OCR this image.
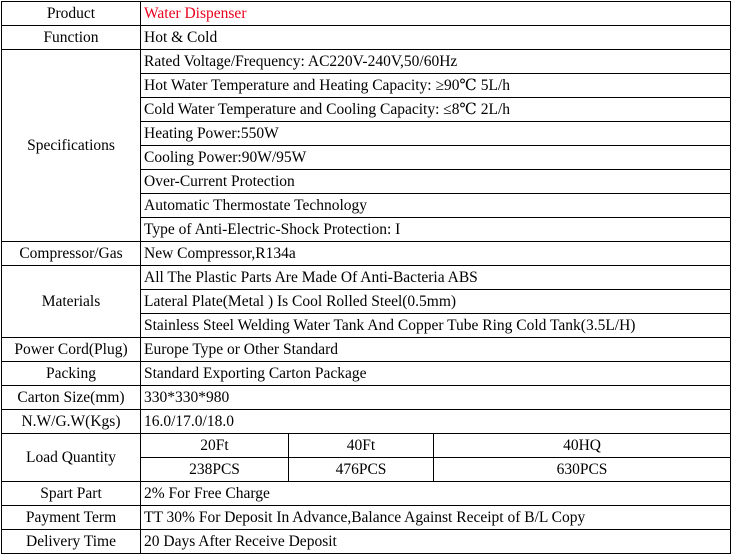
Product	Water Dispenser		
Function	Hot & Cold		
Specifications	Rated Voltage/Frequency: AC220V-240V,50/60Hz		
	Hot Water Temperature and Heating Capacity: ≥90℃ 5L/h		
	Cold Water Temperature and Cooling Capacity: ≤8℃ 2L/h		
	Heating Power:550W		
	Cooling Power:90W/95W		
	Over-Current Protection		
	Automatic Thermostate Technology		
	Type of Anti-Electric-Shock Protection: I		
Compressor/Gas	New Compressor,R134a		
Materials	All The Plastic Parts Are Made Of Anti-Bacteria ABS		
	Lateral Plate(Metal ) Is Cool Rolled Steel(0.5mm)		
	Stainless Steel Welding Water Tank And Copper Tube Ring Cold Tank(3.5L/H)		
Power Cord(Plug)	Europe Type or Other Standard		
Packing	Standard Exporting Carton Package		
Carton Size(mm)	330*330*980		
N.W/G.W(Kgs)	16.0/17.0/18.0		
Load Quantity	20Ft	40Ft	40HQ
	238PCS	476PCS	630PCS
Spart Part	2% For Free Charge		
Payment Term	TT 30% For Deposit In Advance,Balance Against Receipt of B/L Copy		
Delivery Time	20 Days After Receive Deposit		
